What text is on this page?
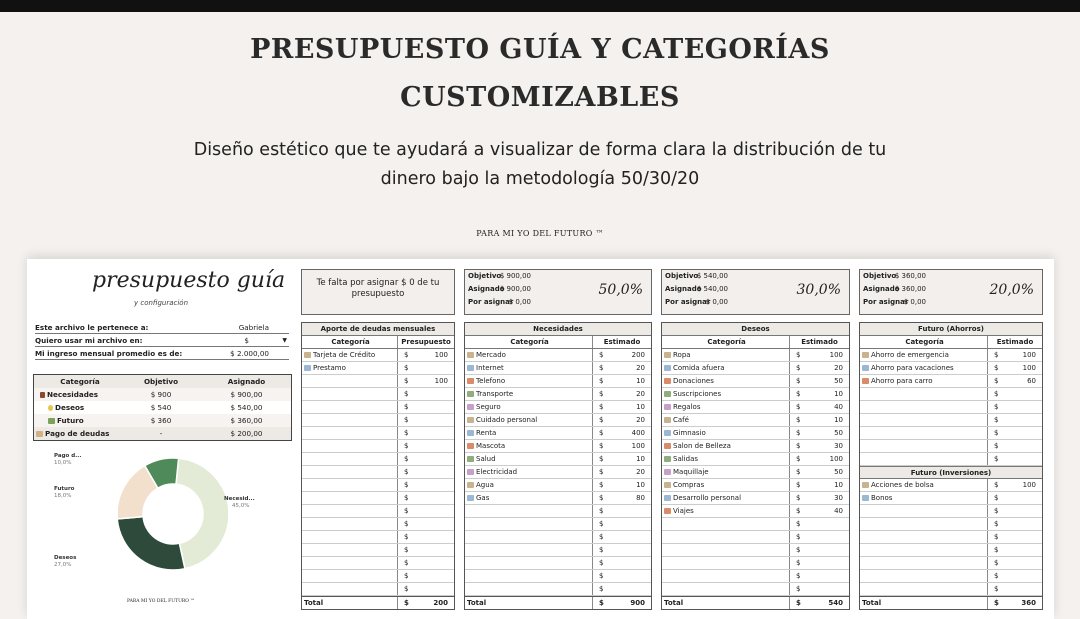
PRESUPUESTO GUÍA Y CATEGORÍAS
CUSTOMIZABLES
Diseño estético que te ayudará a visualizar de forma clara la distribución de tu
dinero bajo la metodología 50/30/20
PARA MI YO DEL FUTURO ™
presupuesto guía
y configuración
Este archivo le pertenece a:	Gabriela
Quiero usar mi archivo en:	$	▼
Mi ingreso mensual promedio es de:	$ 2.000,00
Categoría	Objetivo	Asignado
Necesidades	$ 900	$ 900,00
Deseos	$ 540	$ 540,00
Futuro	$ 360	$ 360,00
Pago de deudas	-	$ 200,00
Pago d...
10,0%
Futuro
18,0%	Necesid...
45,0%
Deseos
27,0%
PARA MI YO DEL FUTURO ™
Te falta por asignar $ 0 de tu presupuesto
Objetivo
$ 900,00
Asignado
$ 900,00
Por asignar
$ 0,00
50,0%
Objetivo
$ 540,00
Asignado
$ 540,00
Por asignar
$ 0,00
30,0%
Objetivo
$ 360,00
Asignado
$ 360,00
Por asignar
$ 0,00
20,0%
Aporte de deudas mensuales
Categoría	Presupuesto
Tarjeta de Crédito	$	100
Prestamo	$
$	100
$
$
$
$
$
$
$
$
$
$
$
$
$
$
$
$
Total	$	200
Necesidades
Categoría	Estimado
Mercado	$	200
Internet	$	20
Telefono	$	10
Transporte	$	20
Seguro	$	10
Cuidado personal	$	20
Renta	$	400
Mascota	$	100
Salud	$	10
Electricidad	$	20
Agua	$	10
Gas	$	80
$
$
$
$
$
$
$
Total	$	900
Deseos
Categoría	Estimado
Ropa	$	100
Comida afuera	$	20
Donaciones	$	50
Suscripciones	$	10
Regalos	$	40
Café	$	10
Gimnasio	$	50
Salon de Belleza	$	30
Salidas	$	100
Maquillaje	$	50
Compras	$	10
Desarrollo personal	$	30
Viajes	$	40
$
$
$
$
$
$
Total	$	540
Futuro (Ahorros)
Categoría	Estimado
Ahorro de emergencia	$	100
Ahorro para vacaciones	$	100
Ahorro para carro	$	60
$
$
$
$
$
$
Futuro (Inversiones)
Acciones de bolsa	$	100
Bonos	$
$
$
$
$
$
$
$
Total	$	360
